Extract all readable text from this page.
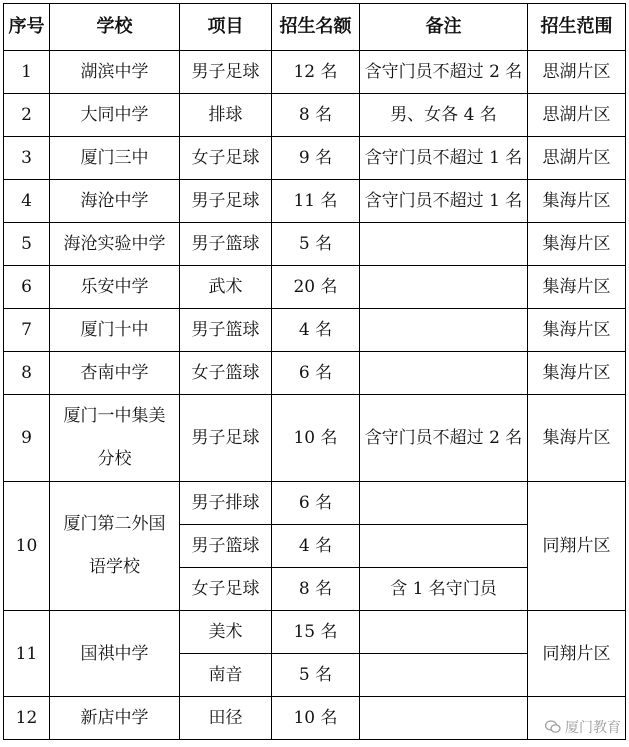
序号	学校	项目	招生名额	备注	招生范围
1	湖滨中学	男子足球	12 名	含守门员不超过 2 名	思湖片区
2	大同中学	排球	8 名	男、女各 4 名	思湖片区
3	厦门三中	女子足球	9 名	含守门员不超过 1 名	思湖片区
4	海沧中学	男子足球	11 名	含守门员不超过 1 名	集海片区
5	海沧实验中学	男子篮球	5 名		集海片区
6	乐安中学	武术	20 名		集海片区
7	厦门十中	男子篮球	4 名		集海片区
8	杏南中学	女子篮球	6 名		集海片区
9	厦门一中集美分校	男子足球	10 名	含守门员不超过 2 名	集海片区
10	厦门第二外国语学校	男子排球	6 名		同翔片区
		男子篮球	4 名		
		女子足球	8 名	含 1 名守门员	
11	国祺中学	美术	15 名		同翔片区
		南音	5 名		
12	新店中学	田径	10 名			厦门教育
